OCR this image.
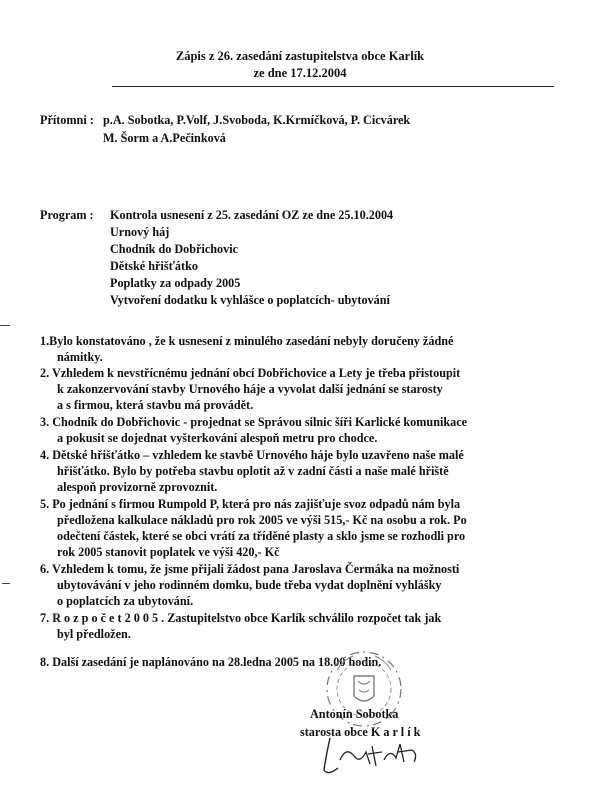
Zápis z 26. zasedání zastupitelstva obce Karlík
ze dne 17.12.2004
Přítomni : p.A. Sobotka, P.Volf, J.Svoboda, K.Krmíčková, P. Cicvárek
M. Šorm a A.Pečinková
Program : Kontrola usnesení z 25. zasedání OZ ze dne 25.10.2004
Urnový háj
Chodník do Dobřichovic
Dětské hřišťátko
Poplatky za odpady 2005
Vytvoření dodatku k vyhlášce o poplatcích- ubytování
1.Bylo konstatováno , že k usnesení z minulého zasedání nebyly doručeny žádné
námitky.
2. Vzhledem k nevstřícnému jednání obcí Dobřichovice a Lety je třeba přistoupit
k zakonzervování stavby Urnového háje a vyvolat další jednání se starosty
a s firmou, která stavbu má provádět.
3. Chodník do Dobřichovic - projednat se Správou silnic šíři Karlické komunikace
a pokusit se dojednat vyšterkování alespoň metru pro chodce.
4. Dětské hřišťátko – vzhledem ke stavbě Urnového háje bylo uzavřeno naše malé
hřišťátko. Bylo by potřeba stavbu oplotit až v zadní části a naše malé hřiště
alespoň provizorně zprovoznit.
5. Po jednání s firmou Rumpold P, která pro nás zajišťuje svoz odpadů nám byla
předložena kalkulace nákladů pro rok 2005 ve výši 515,- Kč na osobu a rok. Po
odečtení částek, které se obci vrátí za tříděné plasty a sklo jsme se rozhodli pro
rok 2005 stanovit poplatek ve výši 420,- Kč
6. Vzhledem k tomu, že jsme přijali žádost pana Jaroslava Čermáka na možnosti
ubytovávání v jeho rodinném domku, bude třeba vydat doplnění vyhlášky
o poplatcích za ubytování.
7. R o z p o č e t 2 0 0 5 . Zastupitelstvo obce Karlík schválilo rozpočet tak jak
byl předložen.
8. Další zasedání je naplánováno na 28.ledna 2005 na 18.00 hodin.
Antonín Sobotka
starosta obce K a r l í k
